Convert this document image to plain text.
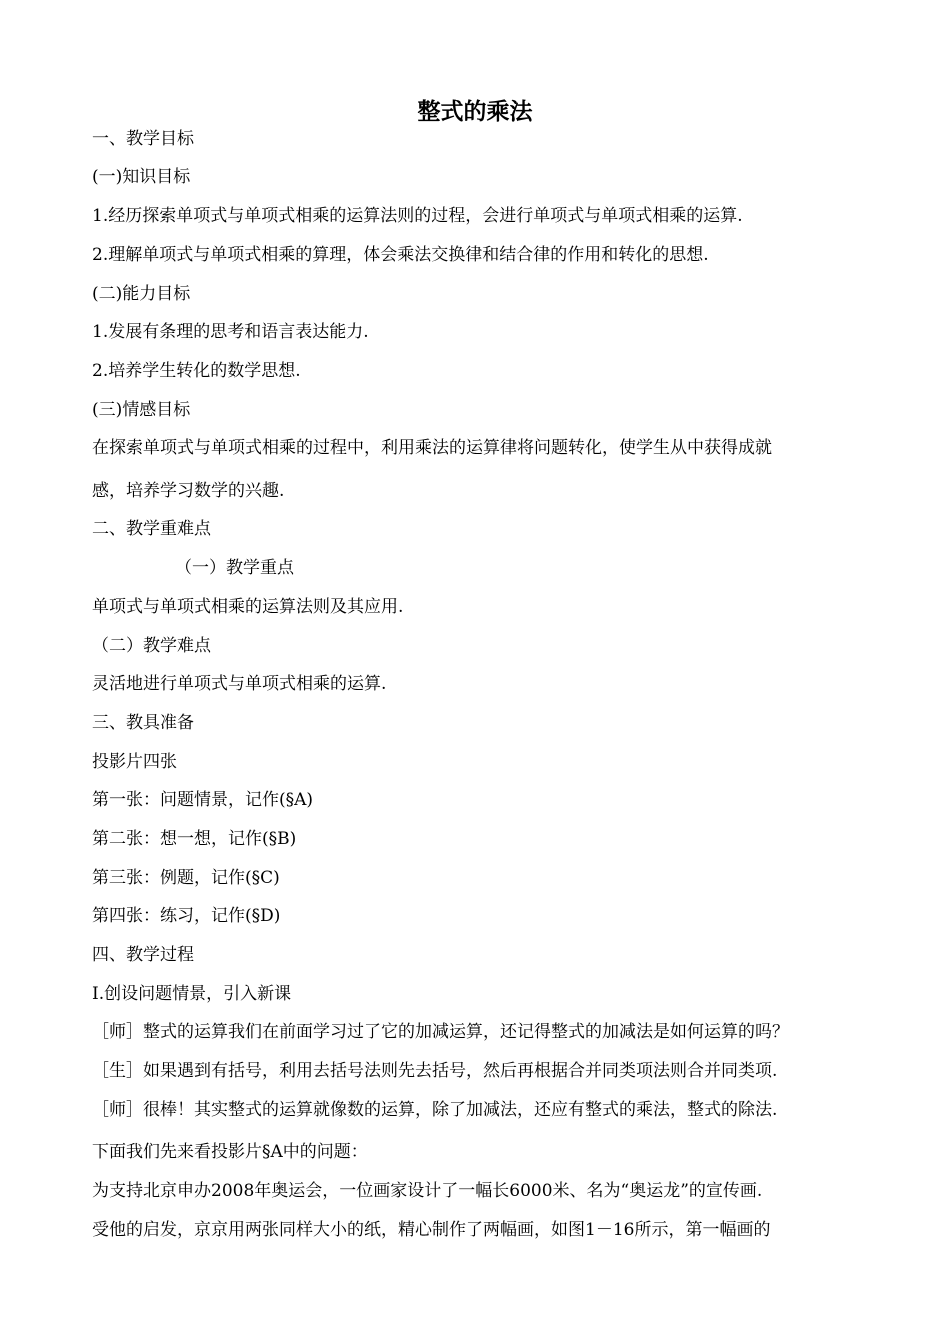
整式的乘法

一、教学目标

(一)知识目标

1.经历探索单项式与单项式相乘的运算法则的过程，会进行单项式与单项式相乘的运算.

2.理解单项式与单项式相乘的算理，体会乘法交换律和结合律的作用和转化的思想.

(二)能力目标

1.发展有条理的思考和语言表达能力.

2.培养学生转化的数学思想.

(三)情感目标

在探索单项式与单项式相乘的过程中，利用乘法的运算律将问题转化，使学生从中获得成就

感，培养学习数学的兴趣.

二、教学重难点

（一）教学重点

单项式与单项式相乘的运算法则及其应用.

（二）教学难点

灵活地进行单项式与单项式相乘的运算.

三、教具准备

投影片四张

第一张：问题情景，记作(§A)

第二张：想一想，记作(§B)

第三张：例题，记作(§C)

第四张：练习，记作(§D)

四、教学过程

Ⅰ.创设问题情景，引入新课

［师］整式的运算我们在前面学习过了它的加减运算，还记得整式的加减法是如何运算的吗？

［生］如果遇到有括号，利用去括号法则先去括号，然后再根据合并同类项法则合并同类项.

［师］很棒！其实整式的运算就像数的运算，除了加减法，还应有整式的乘法，整式的除法.

下面我们先来看投影片§A中的问题：

为支持北京申办2008年奥运会，一位画家设计了一幅长6000米、名为“奥运龙”的宣传画.

受他的启发，京京用两张同样大小的纸，精心制作了两幅画，如图1－16所示，第一幅画的
